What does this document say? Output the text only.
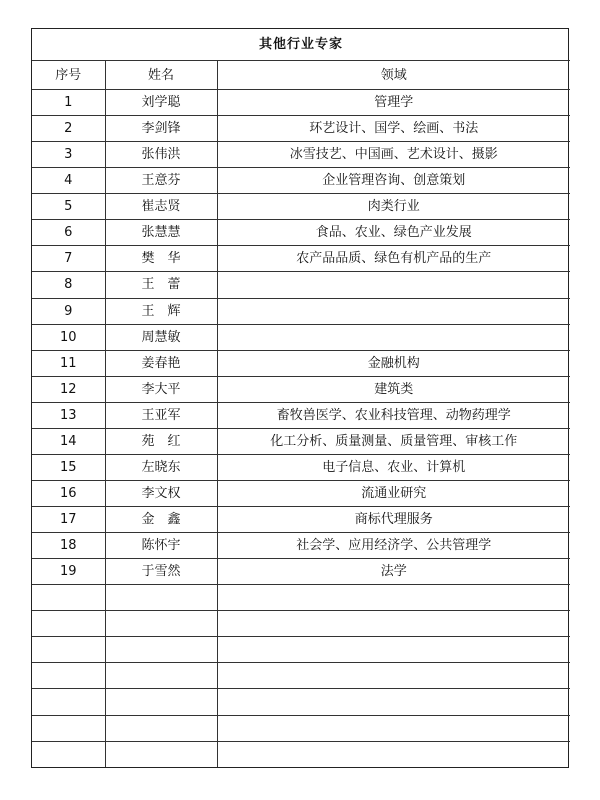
其他行业专家		
序号	姓名	领域
1	刘学聪	管理学
2	李剑锋	环艺设计、国学、绘画、书法
3	张伟洪	冰雪技艺、中国画、艺术设计、摄影
4	王意芬	企业管理咨询、创意策划
5	崔志贤	肉类行业
6	张慧慧	食品、农业、绿色产业发展
7	樊　华	农产品品质、绿色有机产品的生产
8	王　蕾	
9	王　辉	
10	周慧敏	
11	姜春艳	金融机构
12	李大平	建筑类
13	王亚军	畜牧兽医学、农业科技管理、动物药理学
14	苑　红	化工分析、质量测量、质量管理、审核工作
15	左晓东	电子信息、农业、计算机
16	李文权	流通业研究
17	金　鑫	商标代理服务
18	陈怀宇	社会学、应用经济学、公共管理学
19	于雪然	法学
